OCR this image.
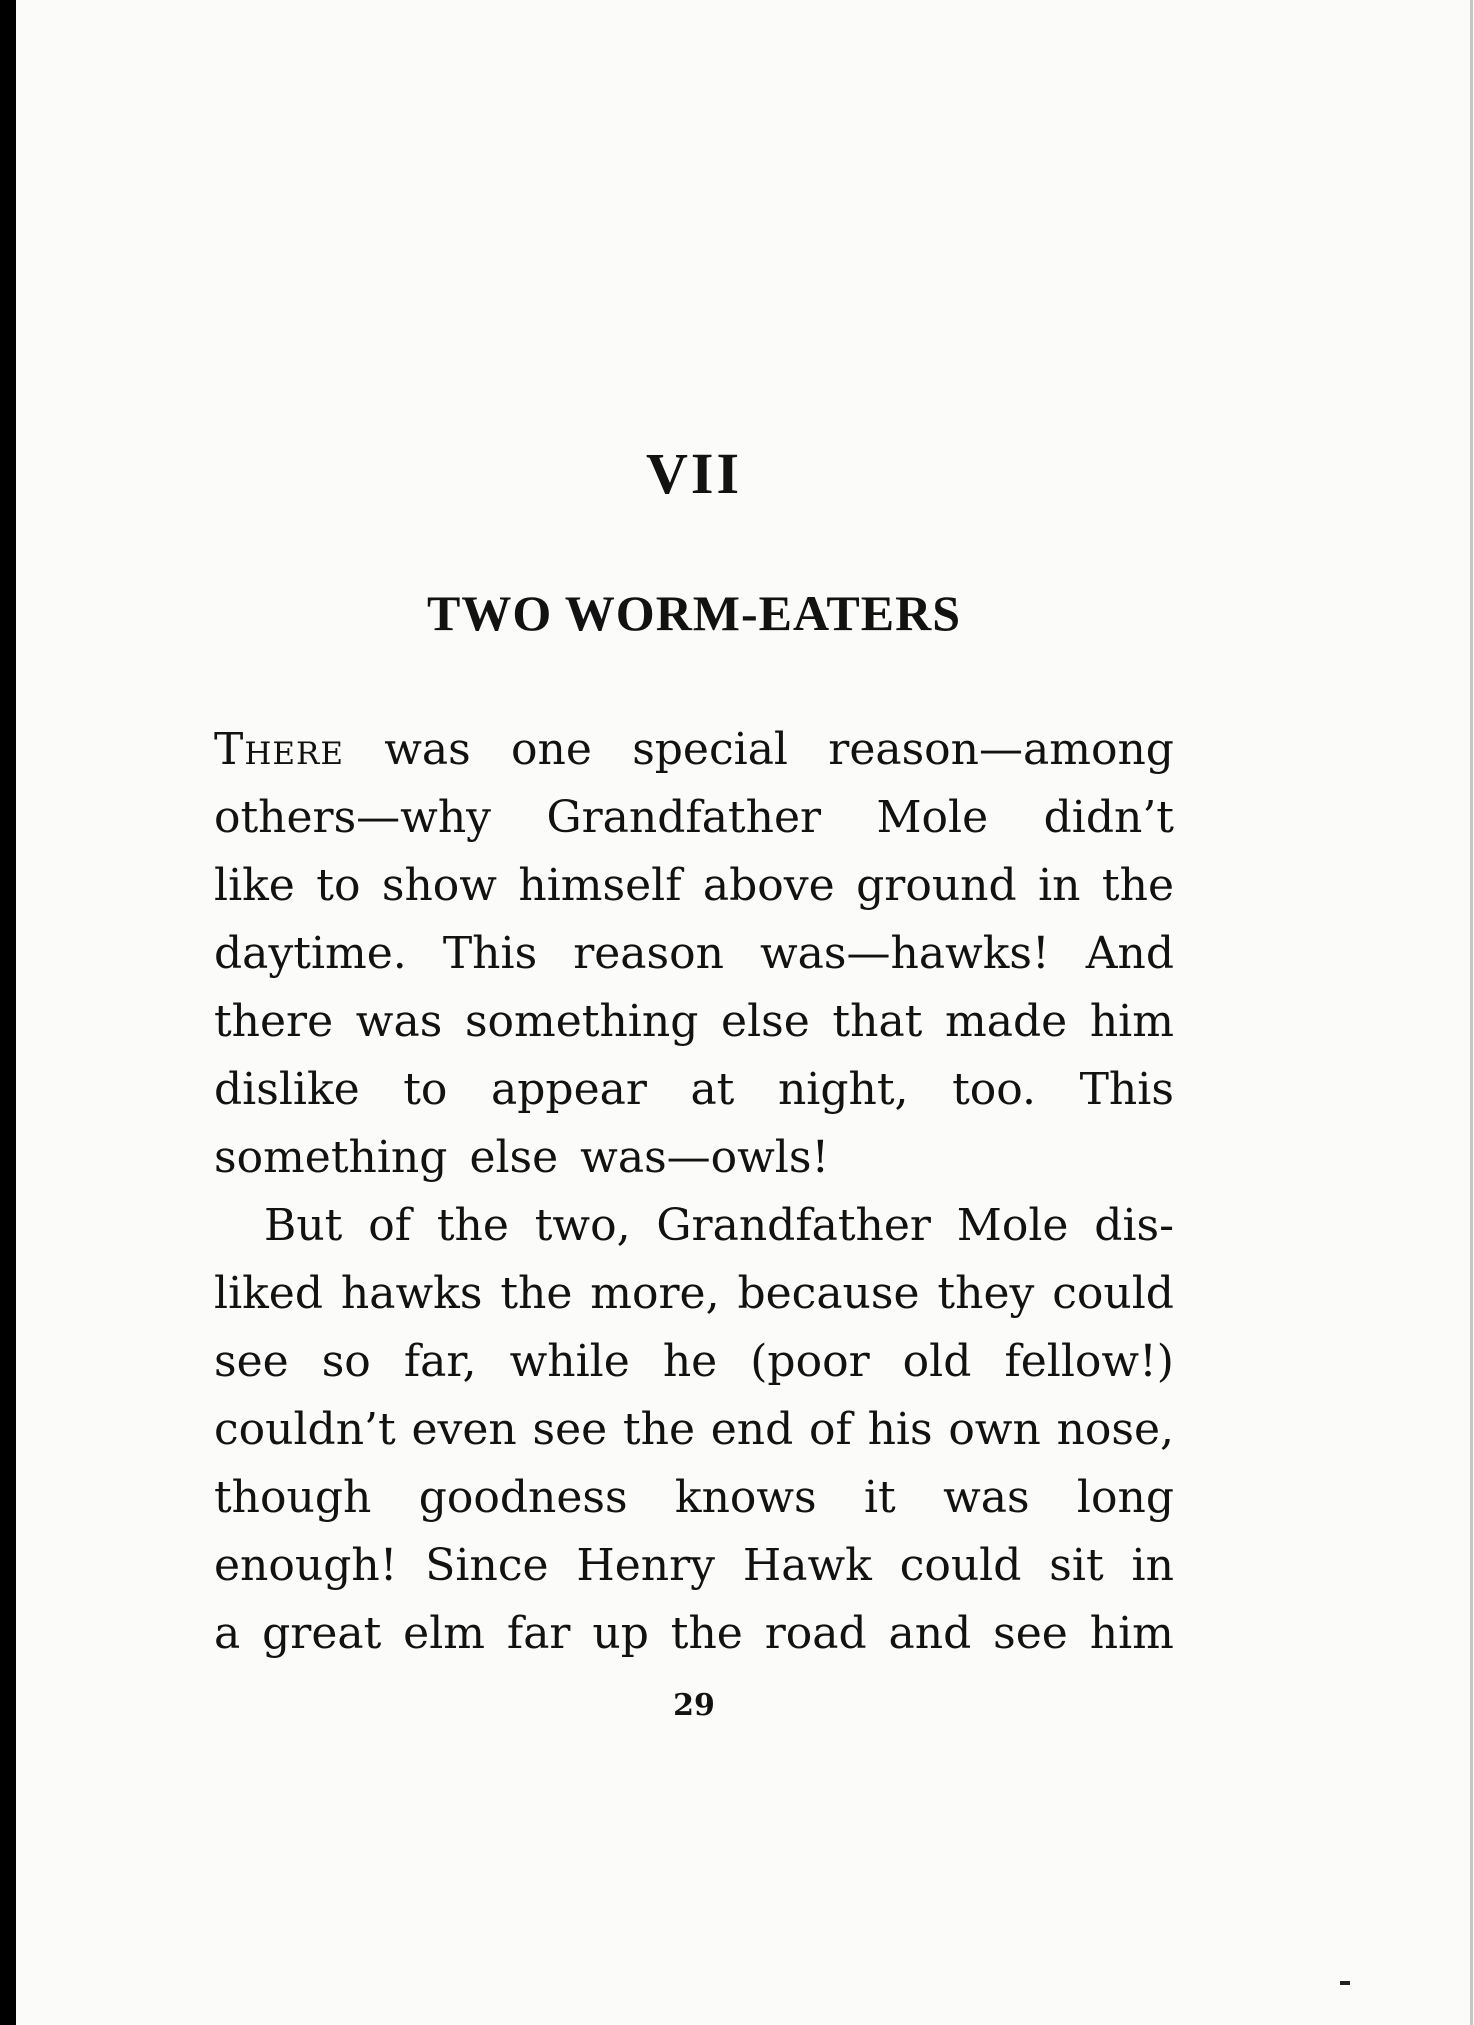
VII
TWO WORM-EATERS
There was one special reason—among
others—why Grandfather Mole didn’t
like to show himself above ground in the
daytime. This reason was—hawks! And
there was something else that made him
dislike to appear at night, too. This
something
else
was—owls!
But of the two, Grandfather Mole dis-
liked hawks the more, because they could
see so far, while he (poor old fellow!)
couldn’t even see the end of his own nose,
though goodness knows it was long
enough! Since Henry Hawk could sit in
a great elm far up the road and see him

29
